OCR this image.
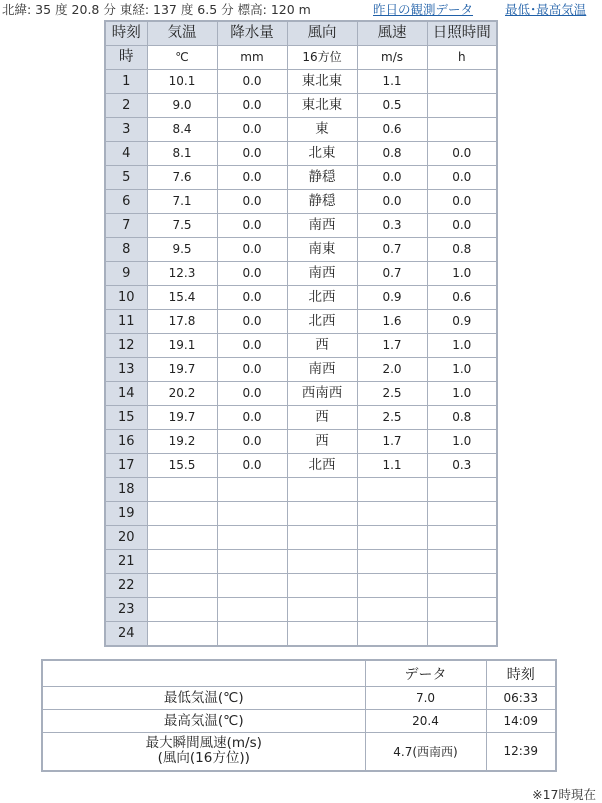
北緯: 35 度 20.8 分 東経: 137 度 6.5 分 標高: 120 m	昨日の観測データ	最低･最高気温
時刻	気温	降水量	風向	風速	日照時間
時	℃	mm	16方位	m/s	h
1	10.1	0.0	東北東	1.1	
2	9.0	0.0	東北東	0.5	
3	8.4	0.0	東	0.6	
4	8.1	0.0	北東	0.8	0.0
5	7.6	0.0	静穏	0.0	0.0
6	7.1	0.0	静穏	0.0	0.0
7	7.5	0.0	南西	0.3	0.0
8	9.5	0.0	南東	0.7	0.8
9	12.3	0.0	南西	0.7	1.0
10	15.4	0.0	北西	0.9	0.6
11	17.8	0.0	北西	1.6	0.9
12	19.1	0.0	西	1.7	1.0
13	19.7	0.0	南西	2.0	1.0
14	20.2	0.0	西南西	2.5	1.0
15	19.7	0.0	西	2.5	0.8
16	19.2	0.0	西	1.7	1.0
17	15.5	0.0	北西	1.1	0.3
18					
19					
20					
21					
22					
23					
24					
	データ	時刻
最低気温(℃)	7.0	06:33
最高気温(℃)	20.4	14:09
最大瞬間風速(m/s)
(風向(16方位))	4.7(西南西)	12:39
※17時現在
